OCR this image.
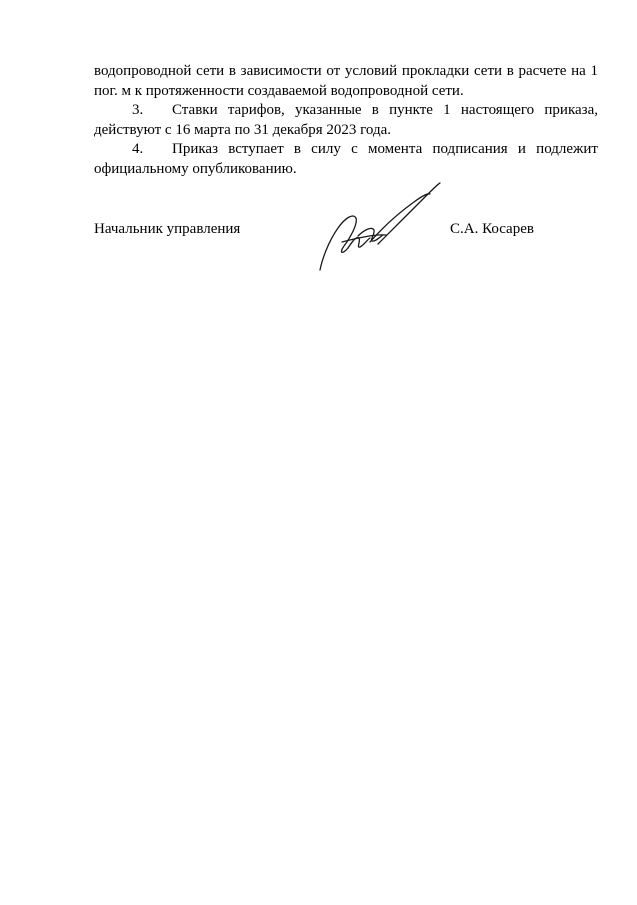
водопроводной сети в зависимости от условий прокладки сети в расчете на 1 пог. м к протяженности создаваемой водопроводной сети.

3. Ставки тарифов, указанные в пункте 1 настоящего приказа, действуют с 16 марта по 31 декабря 2023 года.

4. Приказ вступает в силу с момента подписания и подлежит официальному опубликованию.

Начальник управления	С.А. Косарев
